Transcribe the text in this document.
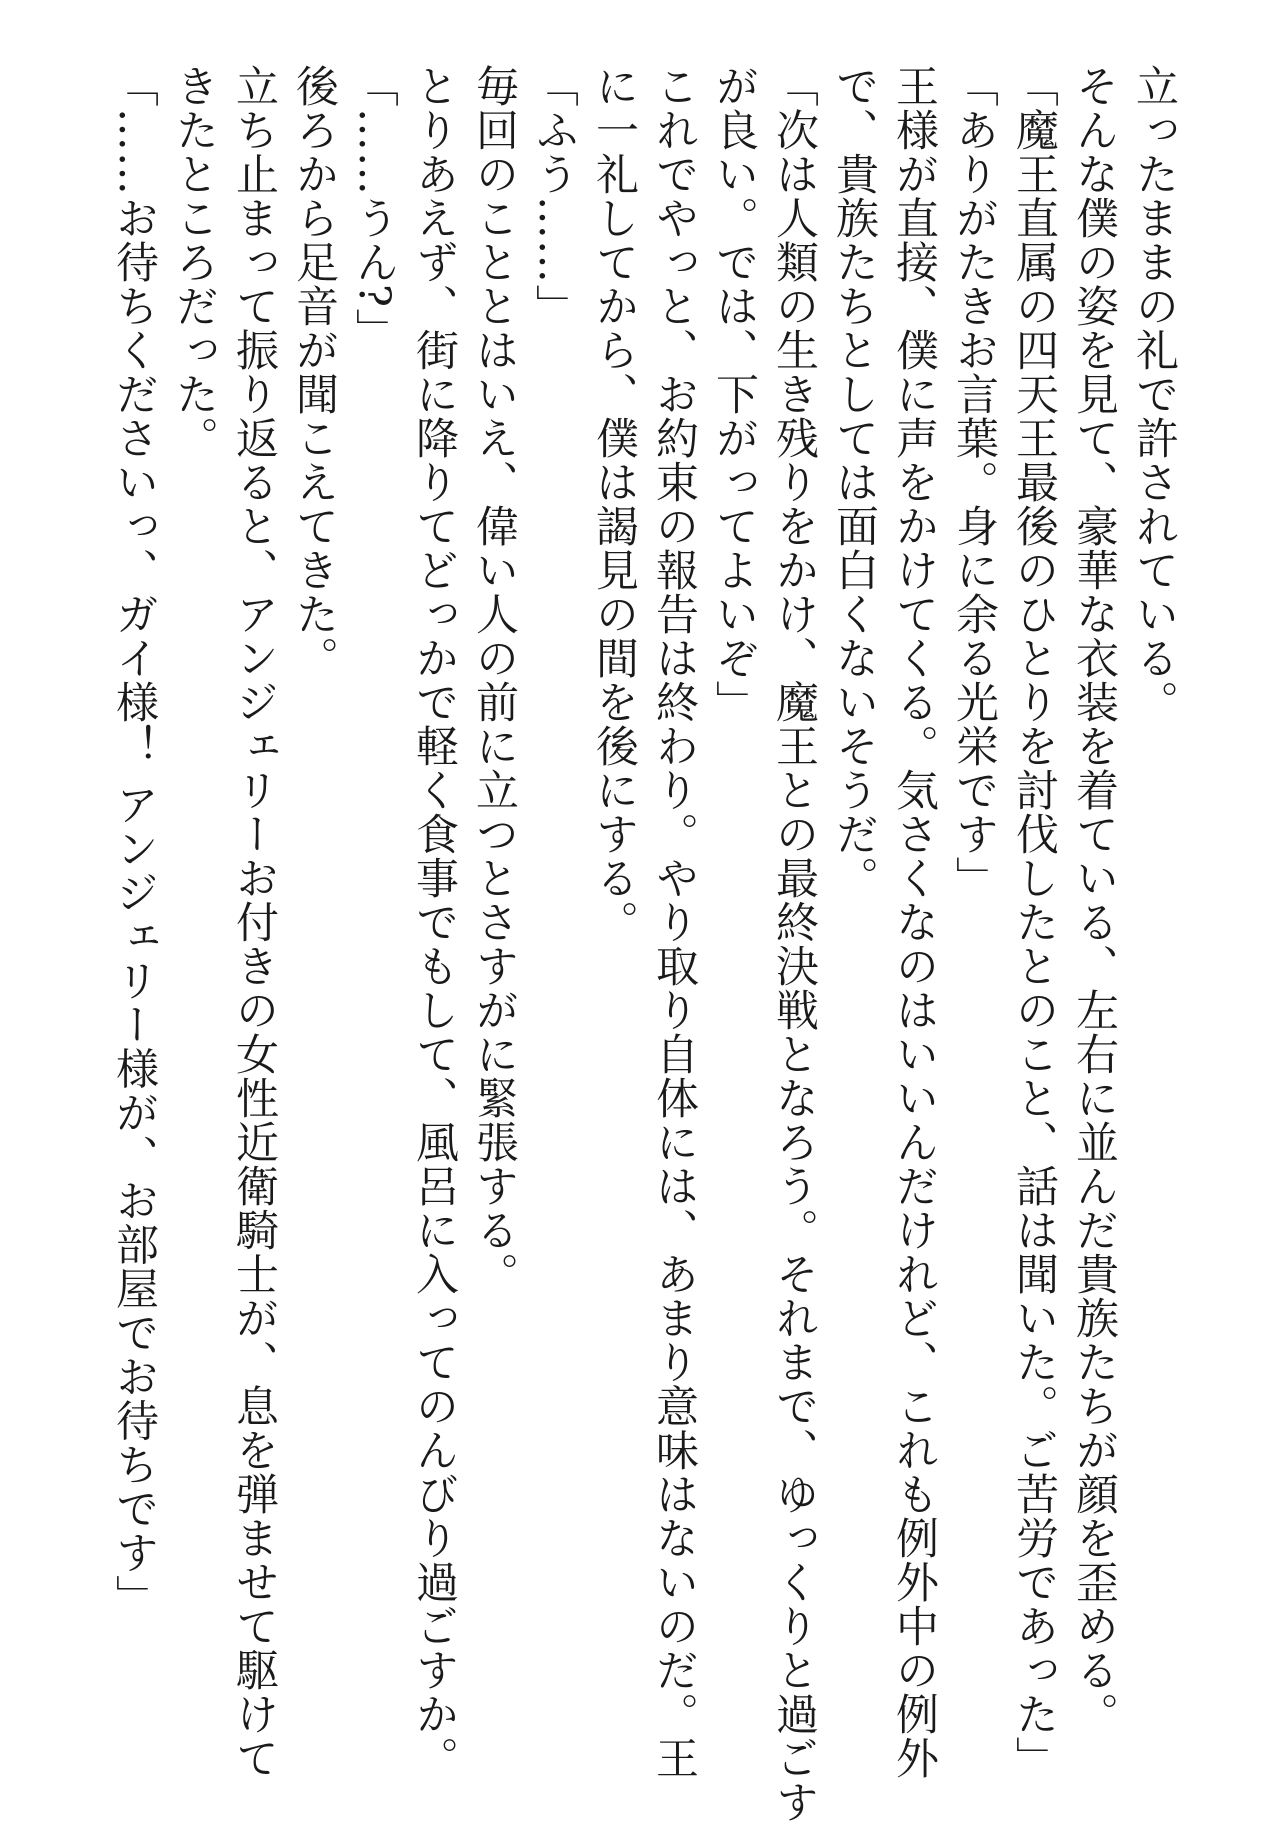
立ったままの礼で許されている。
そんな僕の姿を見て、豪華な衣装を着ている、左右に並んだ貴族たちが顔を歪める。
「魔王直属の四天王最後のひとりを討伐したとのこと、話は聞いた。ご苦労であった」
「ありがたきお言葉。身に余る光栄です」
王様が直接、僕に声をかけてくる。気さくなのはいいんだけれど、これも例外中の例外
で、貴族たちとしては面白くないそうだ。
「次は人類の生き残りをかけ、魔王との最終決戦となろう。それまで、ゆっくりと過ごす
が良い。では、下がってよいぞ」
これでやっと、お約束の報告は終わり。やり取り自体には、あまり意味はないのだ。王
に一礼してから、僕は謁見の間を後にする。
「ふう……」
毎回のこととはいえ、偉い人の前に立つとさすがに緊張する。
とりあえず、街に降りてどっかで軽く食事でもして、風呂に入ってのんびり過ごすか。
「……うん?」
後ろから足音が聞こえてきた。
立ち止まって振り返ると、アンジェリーお付きの女性近衛騎士が、息を弾ませて駆けて
きたところだった。
「……お待ちくださいっ、ガイ様！ アンジェリー様が、お部屋でお待ちです」
